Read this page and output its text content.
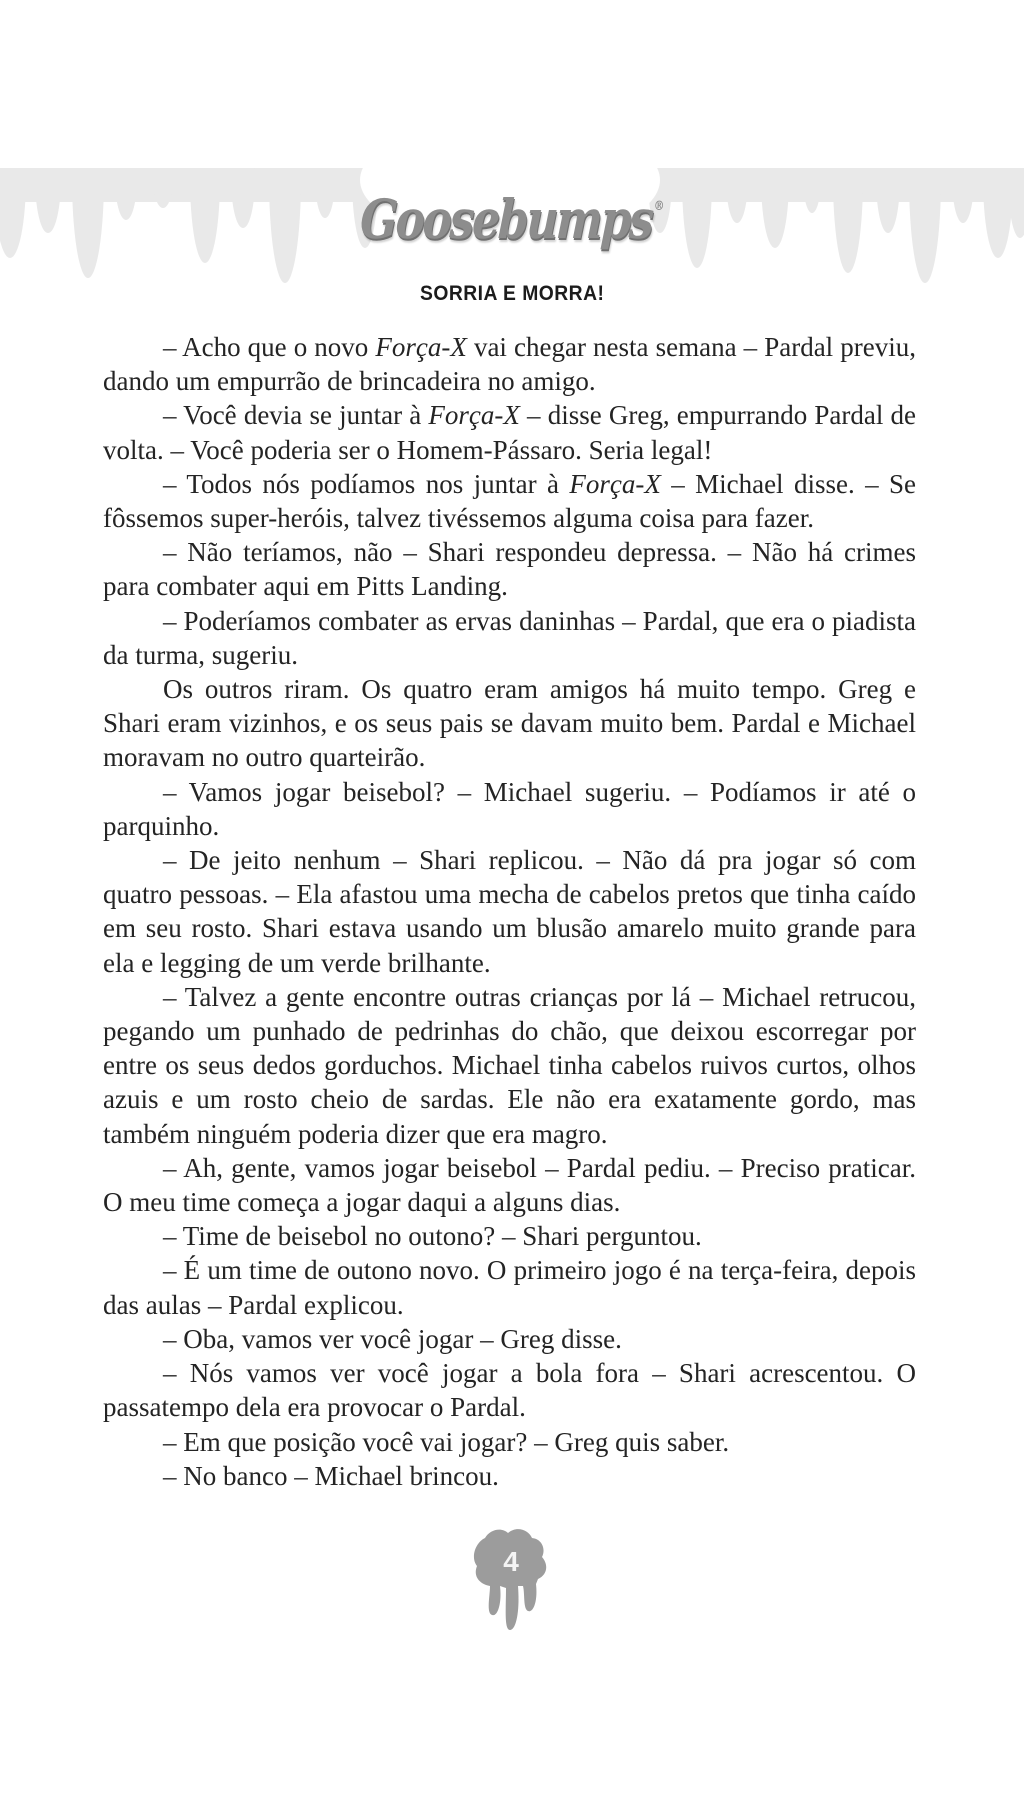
Goosebumps®
SORRIA E MORRA!

– Acho que o novo Força-X vai chegar nesta semana – Pardal previu, dando um empurrão de brincadeira no amigo.

– Você devia se juntar à Força-X – disse Greg, empurrando Pardal de volta. – Você poderia ser o Homem-Pássaro. Seria legal!

– Todos nós podíamos nos juntar à Força-X – Michael disse. – Se fôssemos super-heróis, talvez tivéssemos alguma coisa para fazer.

– Não teríamos, não – Shari respondeu depressa. – Não há crimes para combater aqui em Pitts Landing.

– Poderíamos combater as ervas daninhas – Pardal, que era o piadista da turma, sugeriu.

Os outros riram. Os quatro eram amigos há muito tempo. Greg e Shari eram vizinhos, e os seus pais se davam muito bem. Pardal e Michael moravam no outro quarteirão.

– Vamos jogar beisebol? – Michael sugeriu. – Podíamos ir até o parquinho.

– De jeito nenhum – Shari replicou. – Não dá pra jogar só com quatro pessoas. – Ela afastou uma mecha de cabelos pretos que tinha caído em seu rosto. Shari estava usando um blusão amarelo muito grande para ela e legging de um verde brilhante.

– Talvez a gente encontre outras crianças por lá – Michael retrucou, pegando um punhado de pedrinhas do chão, que deixou escorregar por entre os seus dedos gorduchos. Michael tinha cabelos ruivos curtos, olhos azuis e um rosto cheio de sardas. Ele não era exatamente gordo, mas também ninguém poderia dizer que era magro.

– Ah, gente, vamos jogar beisebol – Pardal pediu. – Preciso praticar. O meu time começa a jogar daqui a alguns dias.

– Time de beisebol no outono? – Shari perguntou.

– É um time de outono novo. O primeiro jogo é na terça-feira, depois das aulas – Pardal explicou.

– Oba, vamos ver você jogar – Greg disse.

– Nós vamos ver você jogar a bola fora – Shari acrescentou. O passatempo dela era provocar o Pardal.

– Em que posição você vai jogar? – Greg quis saber.

– No banco – Michael brincou.

4
